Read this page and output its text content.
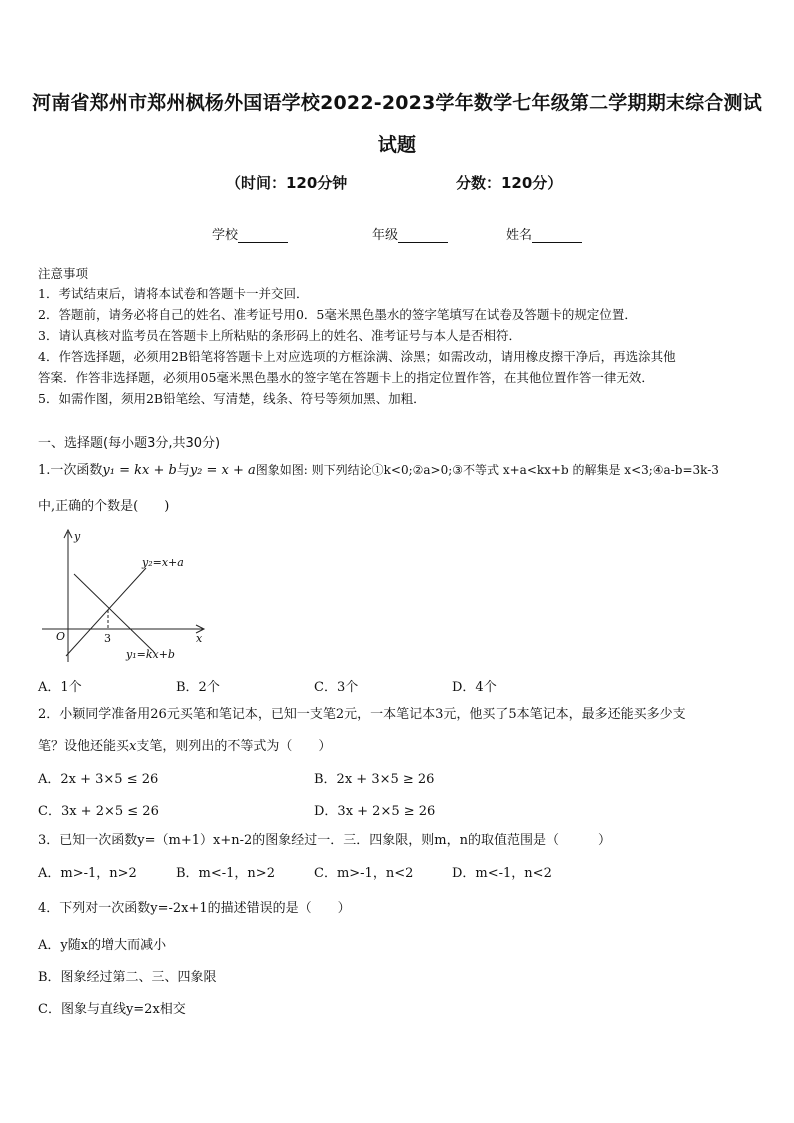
河南省郑州市郑州枫杨外国语学校2022-2023学年数学七年级第二学期期末综合测试
试题
（时间：120分钟	分数：120分）
学校	年级	姓名
注意事项
1．考试结束后，请将本试卷和答题卡一并交回．
2．答题前，请务必将自己的姓名、准考证号用0．5毫米黑色墨水的签字笔填写在试卷及答题卡的规定位置．
3．请认真核对监考员在答题卡上所粘贴的条形码上的姓名、准考证号与本人是否相符．
4．作答选择题，必须用2B铅笔将答题卡上对应选项的方框涂满、涂黑；如需改动，请用橡皮擦干净后，再选涂其他
答案．作答非选择题，必须用05毫米黑色墨水的签字笔在答题卡上的指定位置作答，在其他位置作答一律无效．
5．如需作图，须用2B铅笔绘、写清楚，线条、符号等须加黑、加粗．
一、选择题(每小题3分,共30分)
1.一次函数y₁ = kx + b与y₂ = x + a图象如图: 则下列结论①k<0;②a>0;③不等式 x+a<kx+b 的解集是 x<3;④a-b=3k-3
中,正确的个数是(　　)
y
x
O	3
y₂=x+a
y₁=kx+b
A．1个	B．2个	C．3个	D．4个
2．小颖同学准备用26元买笔和笔记本，已知一支笔2元，一本笔记本3元，他买了5本笔记本，最多还能买多少支
笔？设他还能买x支笔，则列出的不等式为（　　）
A．2x + 3×5 ≤ 26	B．2x + 3×5 ≥ 26
C．3x + 2×5 ≤ 26	D．3x + 2×5 ≥ 26
3．已知一次函数y=（m+1）x+n-2的图象经过一．三．四象限，则m，n的取值范围是（　　　）
A．m>-1，n>2	B．m<-1，n>2	C．m>-1，n<2	D．m<-1，n<2
4．下列对一次函数y=-2x+1的描述错误的是（　　）
A．y随x的增大而减小
B．图象经过第二、三、四象限
C．图象与直线y=2x相交
